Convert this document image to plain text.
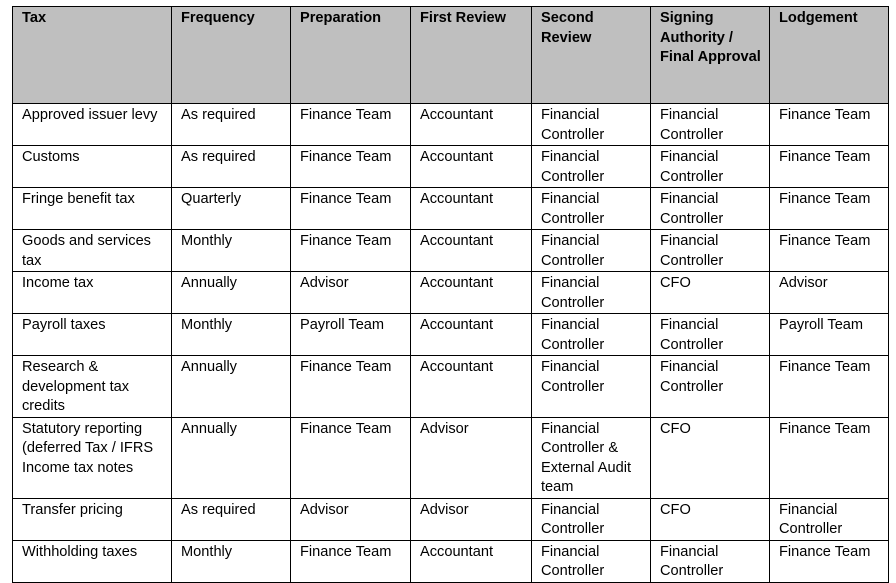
Tax	Frequency	Preparation	First Review	Second Review	Signing Authority / Final Approval	Lodgement
Approved issuer levy	As required	Finance Team	Accountant	Financial Controller	Financial Controller	Finance Team
Customs	As required	Finance Team	Accountant	Financial Controller	Financial Controller	Finance Team
Fringe benefit tax	Quarterly	Finance Team	Accountant	Financial Controller	Financial Controller	Finance Team
Goods and services tax	Monthly	Finance Team	Accountant	Financial Controller	Financial Controller	Finance Team
Income tax	Annually	Advisor	Accountant	Financial Controller	CFO	Advisor
Payroll taxes	Monthly	Payroll Team	Accountant	Financial Controller	Financial Controller	Payroll Team
Research & development tax credits	Annually	Finance Team	Accountant	Financial Controller	Financial Controller	Finance Team
Statutory reporting (deferred Tax / IFRS Income tax notes	Annually	Finance Team	Advisor	Financial Controller & External Audit team	CFO	Finance Team
Transfer pricing	As required	Advisor	Advisor	Financial Controller	CFO	Financial Controller
Withholding taxes	Monthly	Finance Team	Accountant	Financial Controller	Financial Controller	Finance Team
